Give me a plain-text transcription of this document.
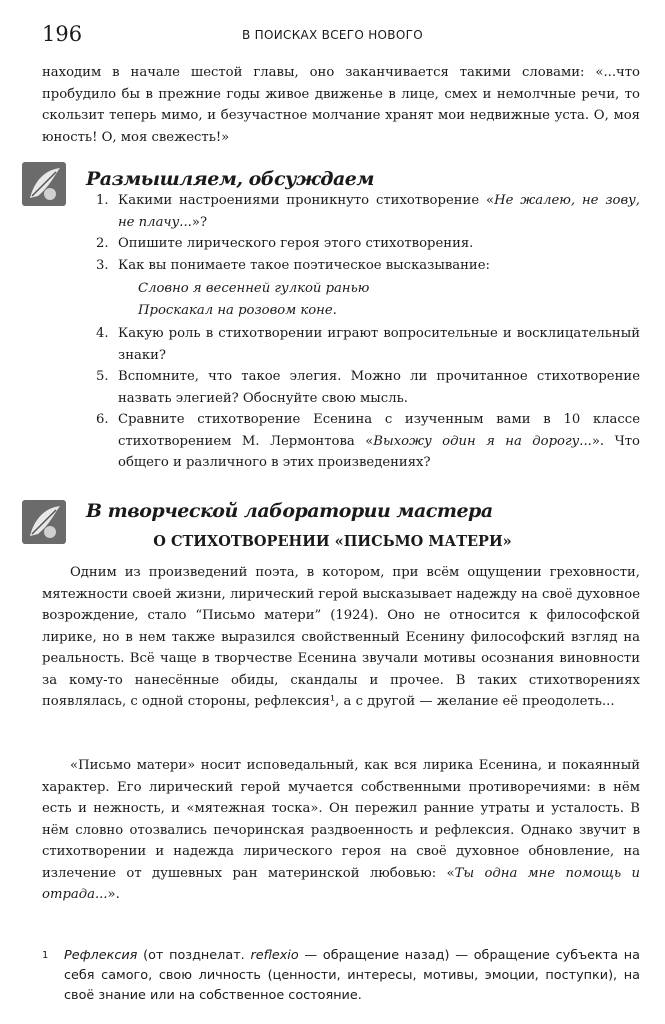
196	В ПОИСКАХ ВСЕГО НОВОГО
находим в начале шестой главы, оно заканчивается такими словами: «...что пробудило бы в прежние годы живое движенье в лице, смех и немолчные речи, то скользит теперь мимо, и безучастное молчание хранят мои недвижные уста. О, моя юность! О, моя свежесть!»
Размышляем, обсуждаем
1. Какими настроениями проникнуто стихотворение «Не жалею, не зову, не плачу...»?
2. Опишите лирического героя этого стихотворения.
3. Как вы понимаете такое поэтическое высказывание:
Словно я весенней гулкой ранью
Проскакал на розовом коне.
4. Какую роль в стихотворении играют вопросительные и восклицательный знаки?
5. Вспомните, что такое элегия. Можно ли прочитанное стихотворение назвать элегией? Обоснуйте свою мысль.
6. Сравните стихотворение Есенина с изученным вами в 10 классе стихотворением М. Лермонтова «Выхожу один я на дорогу...». Что общего и различного в этих произведениях?
В творческой лаборатории мастера
О СТИХОТВОРЕНИИ «ПИСЬМО МАТЕРИ»
Одним из произведений поэта, в котором, при всём ощущении греховности, мятежности своей жизни, лирический герой высказывает надежду на своё духовное возрождение, стало “Письмо матери” (1924). Оно не относится к философской лирике, но в нем также выразился свойственный Есенину философский взгляд на реальность. Всё чаще в творчестве Есенина звучали мотивы осознания виновности за кому-то нанесённые обиды, скандалы и прочее. В таких стихотворениях появлялась, с одной стороны, рефлексия¹, а с другой — желание её преодолеть...
«Письмо матери» носит исповедальный, как вся лирика Есенина, и покаянный характер. Его лирический герой мучается собственными противоречиями: в нём есть и нежность, и «мятежная тоска». Он пережил ранние утраты и усталость. В нём словно отозвались печоринская раздвоенность и рефлексия. Однако звучит в стихотворении и надежда лирического героя на своё духовное обновление, на излечение от душевных ран материнской любовью: «Ты одна мне помощь и отрада...».
1	Рефлексия (от позднелат. reflexio — обращение назад) — обращение субъекта на себя самого, свою личность (ценности, интересы, мотивы, эмоции, поступки), на своё знание или на собственное состояние.
